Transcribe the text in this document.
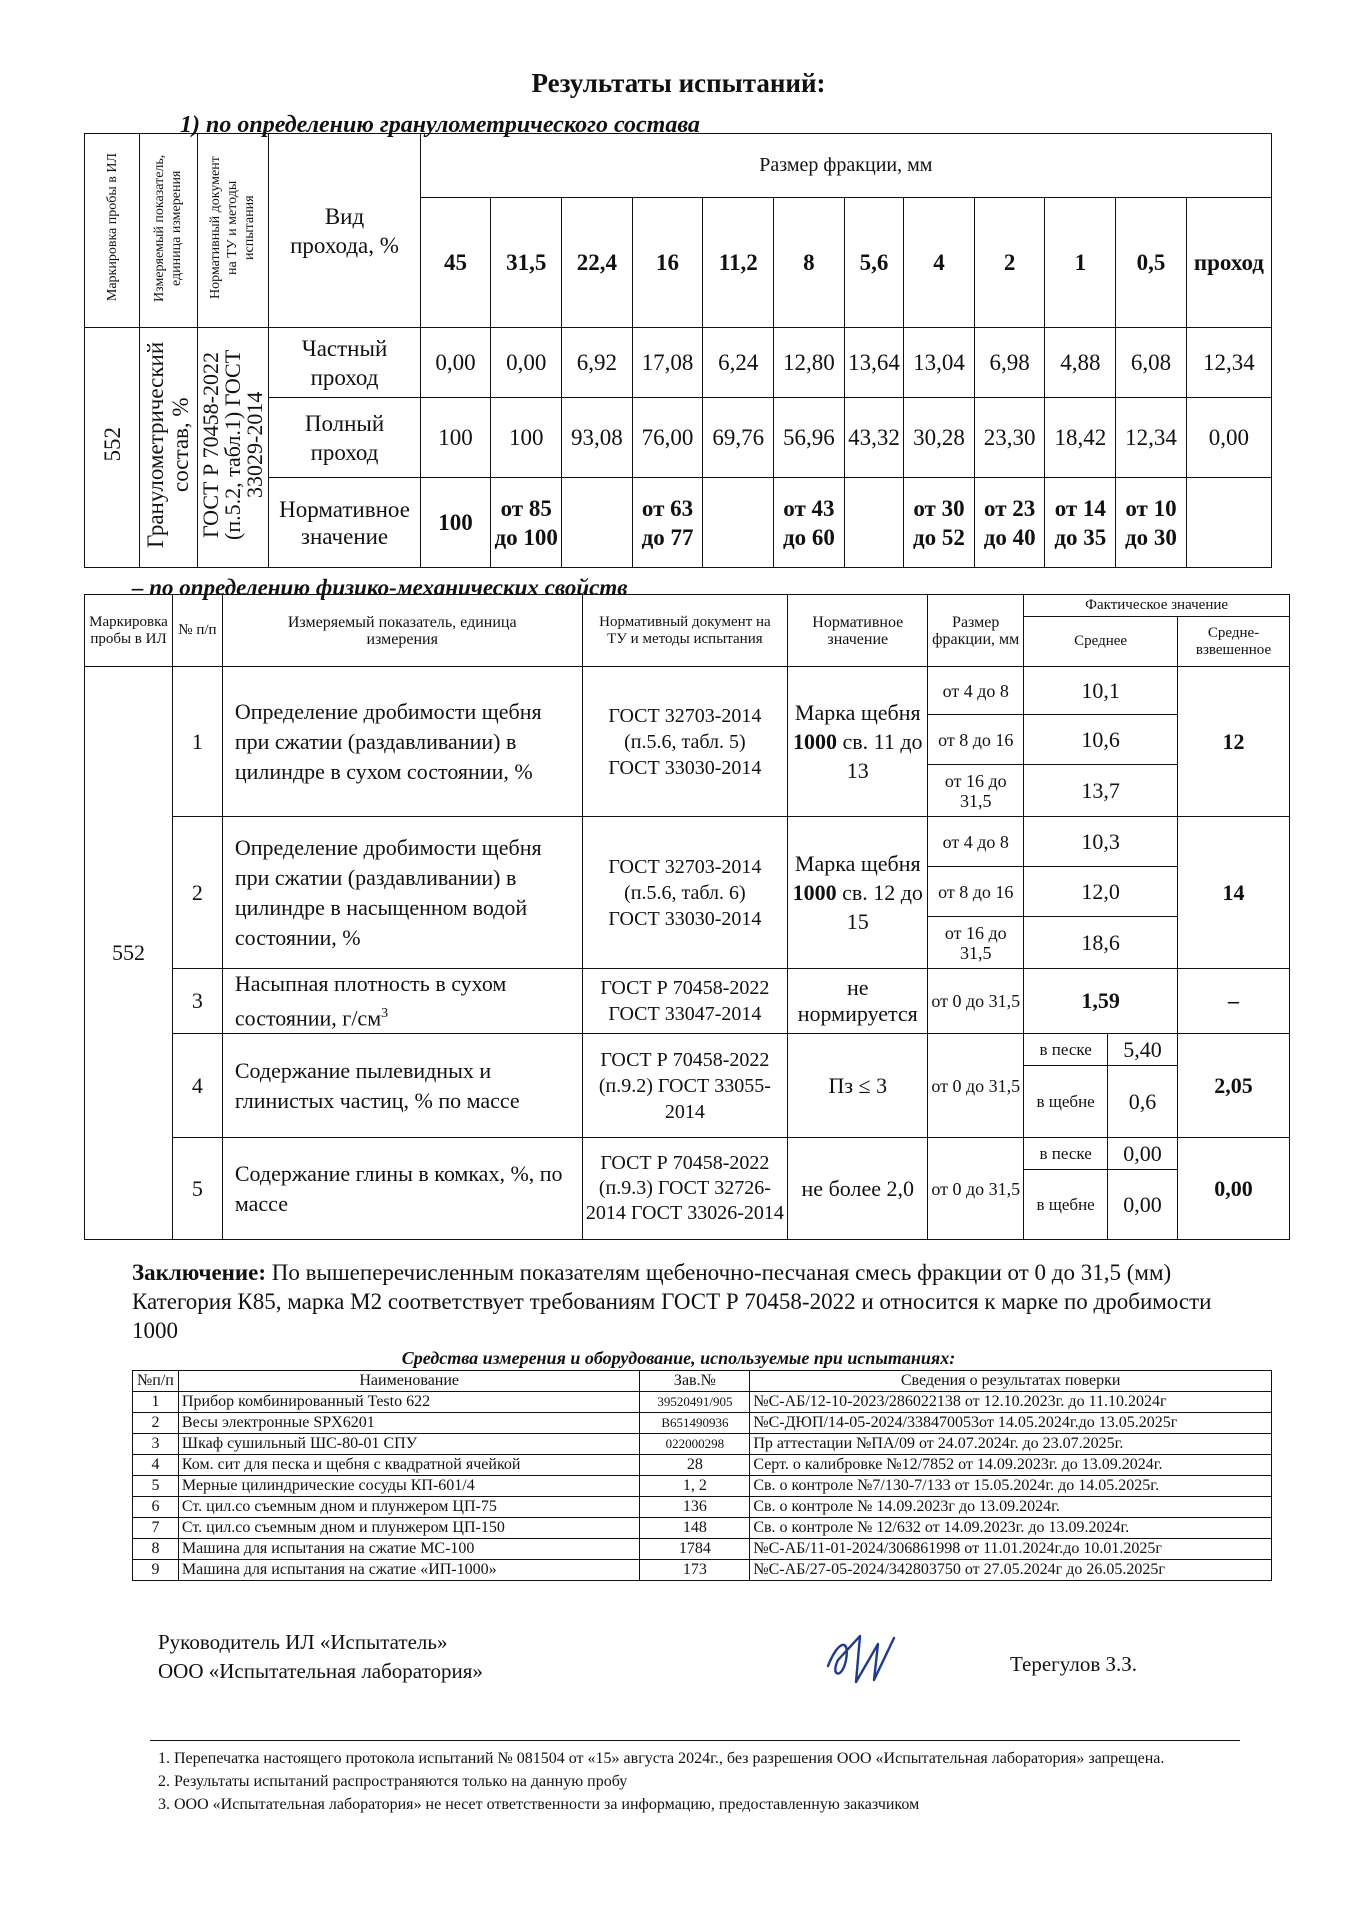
Результаты испытаний:
1) по определению гранулометрического состава
Маркировка пробы в ИЛ	Измеряемый показатель, единица измерения	Нормативный документ на ТУ и методы испытания	Вид прохода, %	Размер фракции, мм											
				45	31,5	22,4	16	11,2	8	5,6	4	2	1	0,5	проход
552	Гранулометрический состав, %	ГОСТ Р 70458-2022 (п.5.2, табл.1) ГОСТ 33029-2014	Частный проход	0,00	0,00	6,92	17,08	6,24	12,80	13,64	13,04	6,98	4,88	6,08	12,34
			Полный проход	100	100	93,08	76,00	69,76	56,96	43,32	30,28	23,30	18,42	12,34	0,00
			Нормативное значение	100	от 85 до 100		от 63 до 77		от 43 до 60		от 30 до 52	от 23 до 40	от 14 до 35	от 10 до 30	
– по определению физико-механических свойств
Маркировка пробы в ИЛ	№ п/п	Измеряемый показатель, единица измерения	Нормативный документ на ТУ и методы испытания	Нормативное значение	Размер фракции, мм	Фактическое значение		
						Среднее		Средне-взвешенное
552	1	Определение дробимости щебня при сжатии (раздавливании) в цилиндре в сухом состоянии, %	ГОСТ 32703-2014 (п.5.6, табл. 5) ГОСТ 33030-2014	Марка щебня 1000 св. 11 до 13	от 4 до 8	10,1		12
					от 8 до 16	10,6		
					от 16 до 31,5	13,7		
	2	Определение дробимости щебня при сжатии (раздавливании) в цилиндре в насыщенном водой состоянии, %	ГОСТ 32703-2014 (п.5.6, табл. 6) ГОСТ 33030-2014	Марка щебня 1000 св. 12 до 15	от 4 до 8	10,3		14
					от 8 до 16	12,0		
					от 16 до 31,5	18,6		
	3	Насыпная плотность в сухом состоянии, $г/см^3$	ГОСТ Р 70458-2022 ГОСТ 33047-2014	не нормируется	от 0 до 31,5	1,59		–
	4	Содержание пылевидных и глинистых частиц, % по массе	ГОСТ Р 70458-2022 (п.9.2) ГОСТ 33055-2014	Пз ≤ 3	от 0 до 31,5	в песке	5,40	2,05
						в щебне	0,6	
	5	Содержание глины в комках, %, по массе	ГОСТ Р 70458-2022 (п.9.3) ГОСТ 32726-2014 ГОСТ 33026-2014	не более 2,0	от 0 до 31,5	в песке	0,00	0,00
						в щебне	0,00	
Заключение: По вышеперечисленным показателям щебеночно-песчаная смесь фракции от 0 до 31,5 (мм) Категория К85, марка М2 соответствует требованиям ГОСТ Р 70458-2022 и относится к марке по дробимости 1000
Средства измерения и оборудование, используемые при испытаниях:
№п/п	Наименование	Зав.№	Сведения о результатах поверки
1	Прибор комбинированный Testo 622	39520491/905	№С-АБ/12-10-2023/286022138 от 12.10.2023г. до 11.10.2024г
2	Весы электронные SPX6201	B651490936	№С-ДЮП/14-05-2024/338470053от 14.05.2024г.до 13.05.2025г
3	Шкаф сушильный ШС-80-01 СПУ	022000298	Пр аттестации №ПА/09 от 24.07.2024г. до 23.07.2025г.
4	Ком. сит для песка и щебня с квадратной ячейкой	28	Серт. о калибровке №12/7852 от 14.09.2023г. до 13.09.2024г.
5	Мерные цилиндрические сосуды КП-601/4	1, 2	Св. о контроле №7/130-7/133 от 15.05.2024г. до 14.05.2025г.
6	Ст. цил.со съемным дном и плунжером ЦП-75	136	Св. о контроле № 14.09.2023г до 13.09.2024г.
7	Ст. цил.со съемным дном и плунжером ЦП-150	148	Св. о контроле № 12/632 от 14.09.2023г. до 13.09.2024г.
8	Машина для испытания на сжатие МС-100	1784	№С-АБ/11-01-2024/306861998 от 11.01.2024г.до 10.01.2025г
9	Машина для испытания на сжатие «ИП-1000»	173	№С-АБ/27-05-2024/342803750 от 27.05.2024г до 26.05.2025г
Руководитель ИЛ «Испытатель»
ООО «Испытательная лаборатория»	Терегулов З.З.
1. Перепечатка настоящего протокола испытаний № 081504 от «15» августа 2024г., без разрешения ООО «Испытательная лаборатория» запрещена.
2. Результаты испытаний распространяются только на данную пробу
3. ООО «Испытательная лаборатория» не несет ответственности за информацию, предоставленную заказчиком
